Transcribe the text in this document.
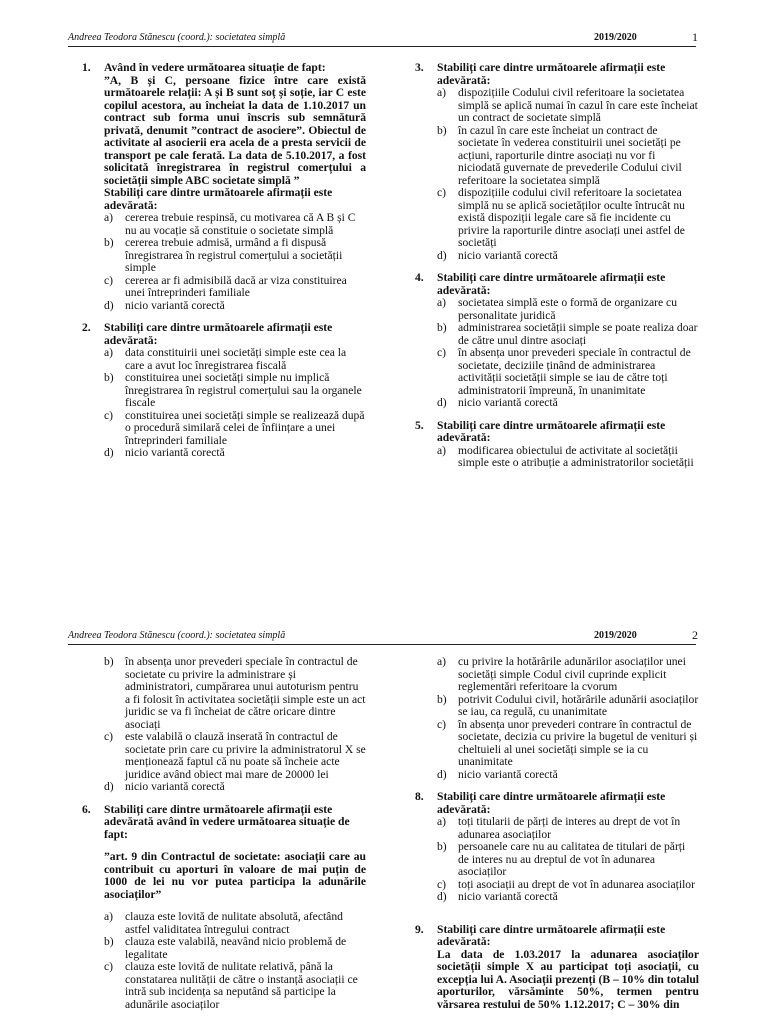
Andreea Teodora Stănescu (coord.): societatea simplă	2019/2020	1
1. Având în vedere următoarea situație de fapt:
”A, B și C, persoane fizice între care există următoarele relații: A și B sunt soț și soție, iar C este copilul acestora, au încheiat la data de 1.10.2017 un contract sub forma unui înscris sub semnătură privată, denumit ”contract de asociere”. Obiectul de activitate al asocierii era acela de a presta servicii de transport pe cale ferată. La data de 5.10.2017, a fost solicitată înregistrarea în registrul comerțului a societății simple ABC societate simplă ”
Stabiliți care dintre următoarele afirmații este adevărată:
a) cererea trebuie respinsă, cu motivarea că A B și C nu au vocație să constituie o societate simplă
b) cererea trebuie admisă, urmând a fi dispusă înregistrarea în registrul comerțului a societății simple
c) cererea ar fi admisibilă dacă ar viza constituirea unei întreprinderi familiale
d) nicio variantă corectă
2. Stabiliți care dintre următoarele afirmații este adevărată:
a) data constituirii unei societăți simple este cea la care a avut loc înregistrarea fiscală
b) constituirea unei societăți simple nu implică înregistrarea în registrul comerțului sau la organele fiscale
c) constituirea unei societăți simple se realizează după o procedură similară celei de înființare a unei întreprinderi familiale
d) nicio variantă corectă
3. Stabiliți care dintre următoarele afirmații este adevărată:
a) dispozițiile Codului civil referitoare la societatea simplă se aplică numai în cazul în care este încheiat un contract de societate simplă
b) în cazul în care este încheiat un contract de societate în vederea constituirii unei societăți pe acțiuni, raporturile dintre asociați nu vor fi niciodată guvernate de prevederile Codului civil referitoare la societatea simplă
c) dispozițiile codului civil referitoare la societatea simplă nu se aplică societăților oculte întrucât nu există dispoziții legale care să fie incidente cu privire la raporturile dintre asociați unei astfel de societăți
d) nicio variantă corectă
4. Stabiliți care dintre următoarele afirmații este adevărată:
a) societatea simplă este o formă de organizare cu personalitate juridică
b) administrarea societății simple se poate realiza doar de către unul dintre asociați
c) în absența unor prevederi speciale în contractul de societate, deciziile ținând de administrarea activității societății simple se iau de către toți administratorii împreună, în unanimitate
d) nicio variantă corectă
5. Stabiliți care dintre următoarele afirmații este adevărată:
a) modificarea obiectului de activitate al societății simple este o atribuție a administratorilor societății
Andreea Teodora Stănescu (coord.): societatea simplă	2019/2020	2
b) în absența unor prevederi speciale în contractul de societate cu privire la administrare și administratori, cumpărarea unui autoturism pentru a fi folosit în activitatea societății simple este un act juridic se va fi încheiat de către oricare dintre asociați
c) este valabilă o clauză inserată în contractul de societate prin care cu privire la administratorul X se menționează faptul că nu poate să încheie acte juridice având obiect mai mare de 20000 lei
d) nicio variantă corectă
6. Stabiliți care dintre următoarele afirmații este adevărată având în vedere următoarea situație de fapt:
”art. 9 din Contractul de societate: asociații care au contribuit cu aporturi în valoare de mai puțin de 1000 de lei nu vor putea participa la adunările asociaților”
a) clauza este lovită de nulitate absolută, afectând astfel validitatea întregului contract
b) clauza este valabilă, neavând nicio problemă de legalitate
c) clauza este lovită de nulitate relativă, până la constatarea nulității de către o instanță asociații ce intră sub incidența sa neputând să participe la adunările asociaților
a) cu privire la hotărârile adunărilor asociaților unei societăți simple Codul civil cuprinde explicit reglementări referitoare la cvorum
b) potrivit Codului civil, hotărârile adunării asociaților se iau, ca regulă, cu unanimitate
c) în absența unor prevederi contrare în contractul de societate, decizia cu privire la bugetul de venituri și cheltuieli al unei societăți simple se ia cu unanimitate
d) nicio variantă corectă
8. Stabiliți care dintre următoarele afirmații este adevărată:
a) toți titularii de părți de interes au drept de vot în adunarea asociaților
b) persoanele care nu au calitatea de titulari de părți de interes nu au dreptul de vot în adunarea asociaților
c) toți asociații au drept de vot în adunarea asociaților
d) nicio variantă corectă
9. Stabiliți care dintre următoarele afirmații este adevărată:
La data de 1.03.2017 la adunarea asociaților societății simple X au participat toți asociații, cu excepția lui A. Asociații prezenți (B – 10% din totalul aporturilor, vărsăminte 50%, termen pentru vărsarea restului de 50% 1.12.2017; C – 30% din
